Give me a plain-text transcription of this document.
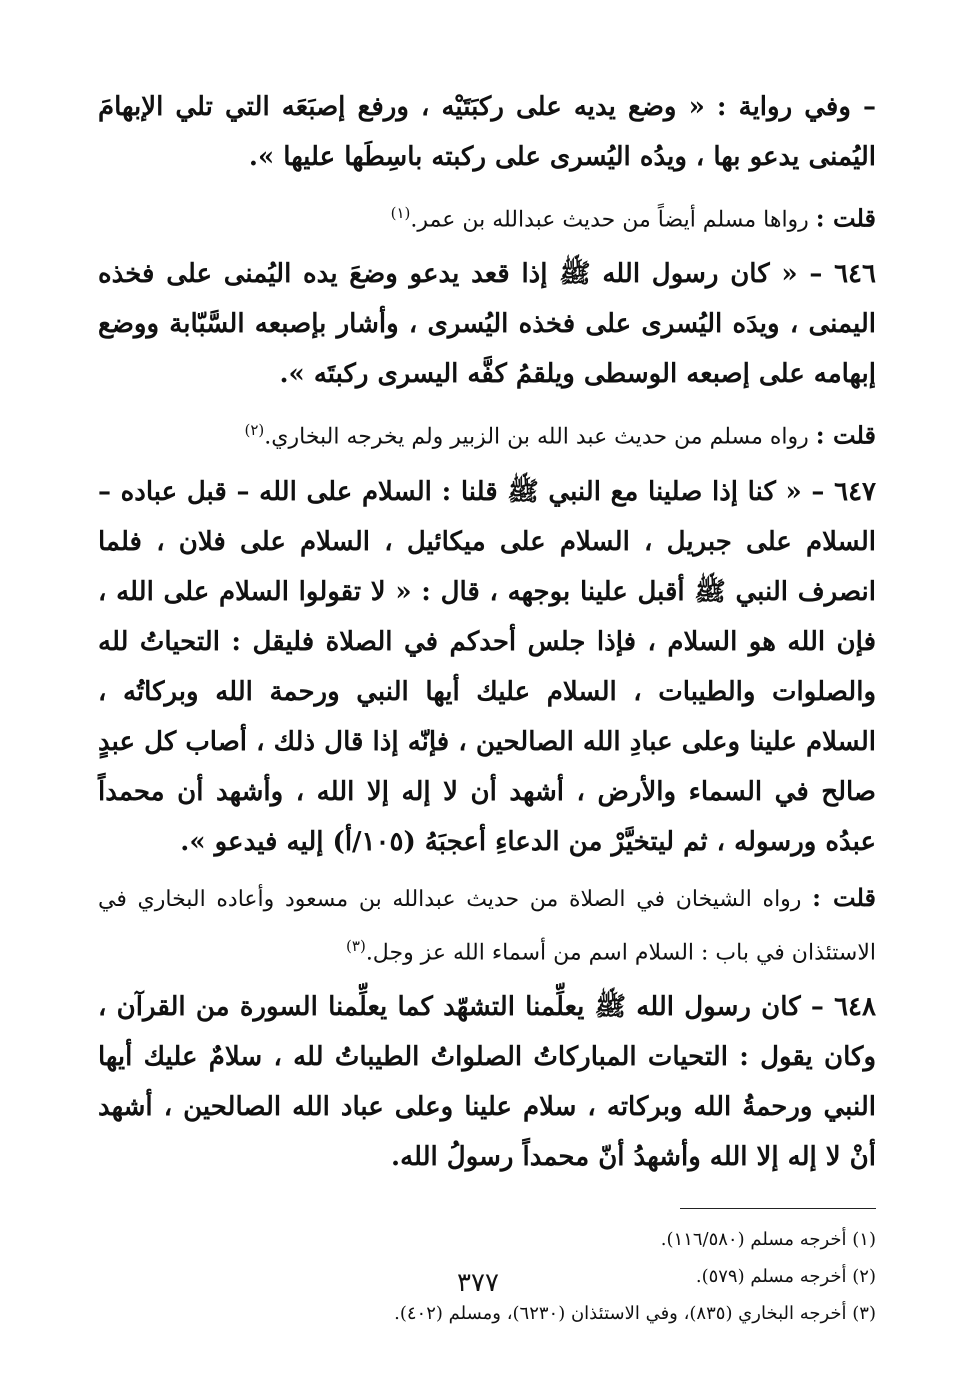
– وفي رواية : « وضع يديه على ركبَتَيْه ، ورفع إصبَعَه التي تلي الإبهامَ اليُمنى يدعو بها ، ويدُه اليُسرى على ركبته باسِطَها عليها ».

قلت : رواها مسلم أيضاً من حديث عبدالله بن عمر.$^{(١)}$

٦٤٦ – « كان رسول الله ﷺ إذا قعد يدعو وضعَ يده اليُمنى على فخذه اليمنى ، ويدَه اليُسرى على فخذه اليُسرى ، وأشار بإصبعه السَّبّابة ووضع إبهامه على إصبعه الوسطى ويلقمُ كفَّه اليسرى ركبتَه ».

قلت : رواه مسلم من حديث عبد الله بن الزبير ولم يخرجه البخاري.$^{(٢)}$

٦٤٧ – « كنا إذا صلينا مع النبي ﷺ قلنا : السلام على الله – قبل عباده – السلام على جبريل ، السلام على ميكائيل ، السلام على فلان ، فلما انصرف النبي ﷺ أقبل علينا بوجهه ، قال : « لا تقولوا السلام على الله ، فإن الله هو السلام ، فإذا جلس أحدكم في الصلاة فليقل : التحياتُ لله والصلوات والطيبات ، السلام عليك أيها النبي ورحمة الله وبركاتُه ، السلام علينا وعلى عبادِ الله الصالحين ، فإنّه إذا قال ذلك ، أصاب كل عبدٍ صالح في السماء والأرض ، أشهد أن لا إله إلا الله ، وأشهد أن محمداً عبدُه ورسوله ، ثم ليتخيَّرْ من الدعاءِ أعجبَهُ (١٠٥/أ) إليه فيدعو ».

قلت : رواه الشيخان في الصلاة من حديث عبدالله بن مسعود وأعاده البخاري في الاستئذان في باب : السلام اسم من أسماء الله عز وجل.$^{(٣)}$

٦٤٨ – كان رسول الله ﷺ يعلِّمنا التشهّد كما يعلِّمنا السورة من القرآن ، وكان يقول : التحيات المباركاتُ الصلواتُ الطيباتُ لله ، سلامٌ عليك أيها النبي ورحمةُ الله وبركاته ، سلام علينا وعلى عباد الله الصالحين ، أشهد أنْ لا إله إلا الله وأشهدُ أنّ محمداً رسولُ الله.

(١) أخرجه مسلم (١١٦/٥٨٠).
(٢) أخرجه مسلم (٥٧٩).
(٣) أخرجه البخاري (٨٣٥)، وفي الاستئذان (٦٢٣٠)، ومسلم (٤٠٢).
٣٧٧
